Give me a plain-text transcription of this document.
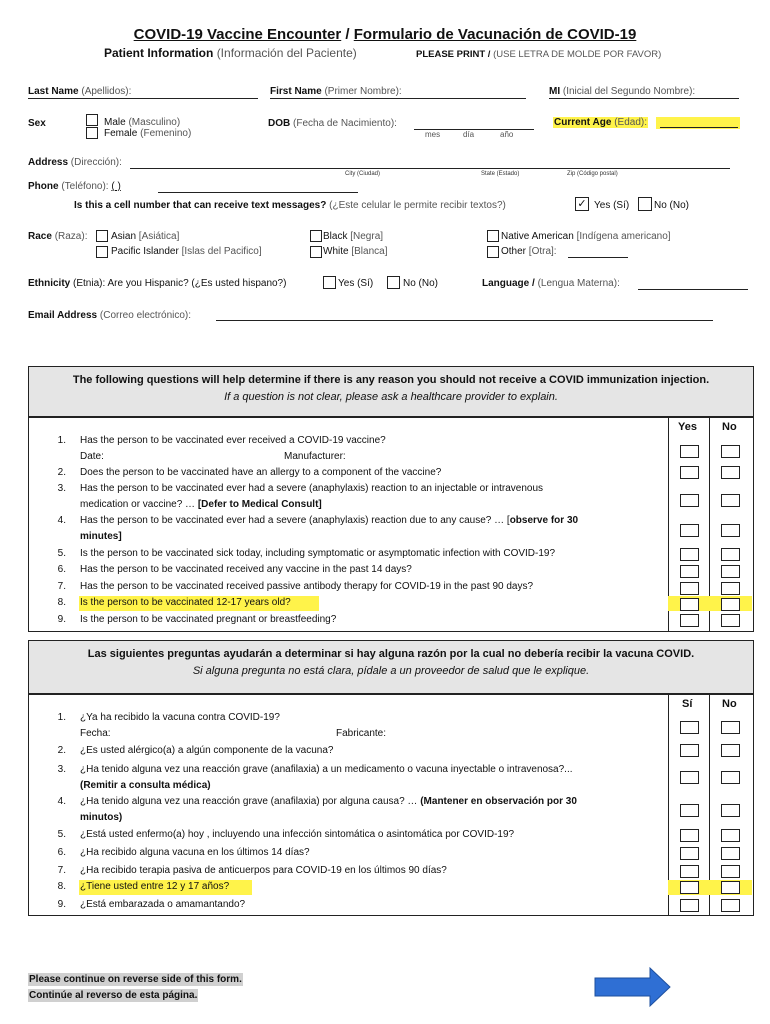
COVID-19 Vaccine Encounter / Formulario de Vacunación de COVID-19
Patient Information (Información del Paciente)	PLEASE PRINT / (USE LETRA DE MOLDE POR FAVOR)
Last Name (Apellidos):	First Name (Primer Nombre):	MI (Inicial del Segundo Nombre):
Sex	Male (Masculino)
Female (Femenino)
DOB (Fecha de Nacimiento):
mes	día	año
Current Age (Edad):
Address (Dirección):
City (Ciudad)	State (Estado)	Zip (Código postal)
Phone (Teléfono): ( )
Is this a cell number that can receive text messages? (¿Este celular le permite recibir textos?)	✓ Yes (Sí) No (No)
Race (Raza): Asian [Asiática]
Pacific Islander [Islas del Pacifico]
Black [Negra]
White [Blanca]
Native American [Indígena americano]
Other [Otra]:
Ethnicity (Etnia): Are you Hispanic? (¿Es usted hispano?)	Yes (Sí)	No (No)	Language / (Lengua Materna):
Email Address (Correo electrónico):
The following questions will help determine if there is any reason you should not receive a COVID immunization injection.
If a question is not clear, please ask a healthcare provider to explain.
Yes No
1. Has the person to be vaccinated ever received a COVID-19 vaccine?
Date:	Manufacturer:
2. Does the person to be vaccinated have an allergy to a component of the vaccine?
3. Has the person to be vaccinated ever had a severe (anaphylaxis) reaction to an injectable or intravenous
medication or vaccine? … [Defer to Medical Consult]
4. Has the person to be vaccinated ever had a severe (anaphylaxis) reaction due to any cause? … [observe for 30
minutes]
5. Is the person to be vaccinated sick today, including symptomatic or asymptomatic infection with COVID-19?
6. Has the person to be vaccinated received any vaccine in the past 14 days?
7. Has the person to be vaccinated received passive antibody therapy for COVID-19 in the past 90 days?
8. Is the person to be vaccinated 12-17 years old?
9. Is the person to be vaccinated pregnant or breastfeeding?
Las siguientes preguntas ayudarán a determinar si hay alguna razón por la cual no debería recibir la vacuna COVID.
Si alguna pregunta no está clara, pídale a un proveedor de salud que le explique.
Sí	No
1. ¿Ya ha recibido la vacuna contra COVID-19?
Fecha:	Fabricante:
2. ¿Es usted alérgico(a) a algún componente de la vacuna?
3. ¿Ha tenido alguna vez una reacción grave (anafilaxia) a un medicamento o vacuna inyectable o intravenosa?...
(Remitir a consulta médica)
4. ¿Ha tenido alguna vez una reacción grave (anafilaxia) por alguna causa? … (Mantener en observación por 30
minutos)
5. ¿Está usted enfermo(a) hoy , incluyendo una infección sintomática o asintomática por COVID-19?
6. ¿Ha recibido alguna vacuna en los últimos 14 días?
7. ¿Ha recibido terapia pasiva de anticuerpos para COVID-19 en los últimos 90 días?
8. ¿Tiene usted entre 12 y 17 años?
9. ¿Está embarazada o amamantando?
Please continue on reverse side of this form.
Continúe al reverso de esta página.
